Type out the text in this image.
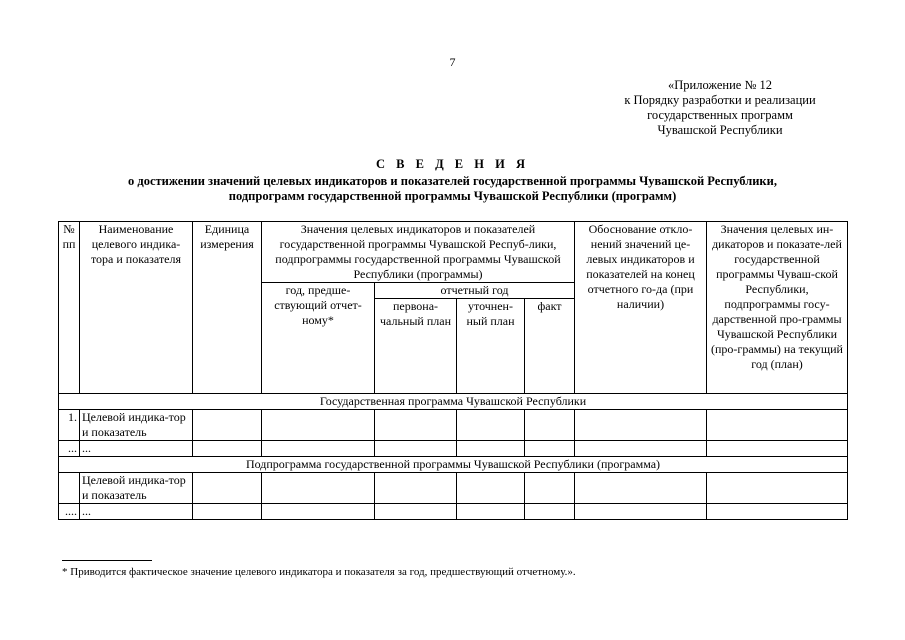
7
«Приложение № 12
к Порядку разработки и реализации
государственных программ
Чувашской Республики
С В Е Д Е Н И Я
о достижении значений целевых индикаторов и показателей государственной программы Чувашской Республики,
подпрограмм государственной программы Чувашской Республики (программ)
№ пп	Наименование целевого индика-тора и показателя	Единица измерения	Значения целевых индикаторов и показателей государственной программы Чувашской Респуб-лики, подпрограммы государственной программы Чувашской Республики (программы)				Обоснование откло-нений значений це-левых индикаторов и показателей на конец отчетного го-да (при наличии)	Значения целевых ин-дикаторов и показате-лей государственной программы Чуваш-ской Республики, подпрограммы госу-дарственной про-граммы Чувашской Республики (про-граммы) на текущий год (план)
			год, предше-ствующий отчет-ному*	отчетный год				
				первона-чальный план	уточнен-ный план	факт		
Государственная программа Чувашской Республики								
1.	Целевой индика-тор и показатель							
...	...							
Подпрограмма государственной программы Чувашской Республики (программа)								
	Целевой индика-тор и показатель							
....	...							
* Приводится фактическое значение целевого индикатора и показателя за год, предшествующий отчетному.».
